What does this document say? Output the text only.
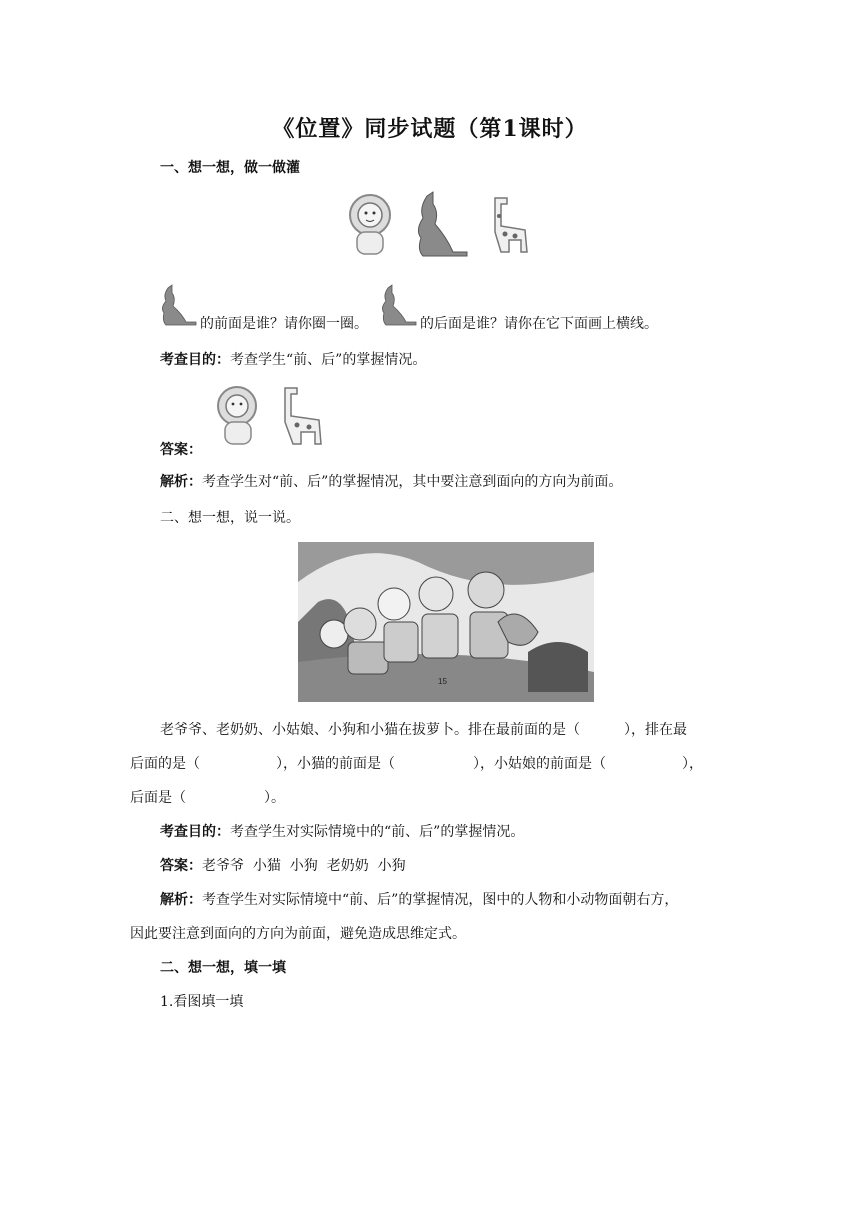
《位置》同步试题（第1课时）
一、想一想，做一做灌
的前面是谁？请你圈一圈。	的后面是谁？请你在它下面画上横线。
考查目的：考查学生“前、后”的掌握情况。
答案：
解析：考查学生对“前、后”的掌握情况，其中要注意到面向的方向为前面。
二、想一想，说一说。
15
老爷爷、老奶奶、小姑娘、小狗和小猫在拔萝卜。排在最前面的是（	），排在最
后面的是（	），小猫的前面是（	），小姑娘的前面是（	），
后面是（	）。
考查目的：考查学生对实际情境中的“前、后”的掌握情况。
答案：老爷爷  小猫  小狗  老奶奶  小狗
解析：考查学生对实际情境中“前、后”的掌握情况，图中的人物和小动物面朝右方，
因此要注意到面向的方向为前面，避免造成思维定式。
二、想一想，填一填
1.看图填一填
